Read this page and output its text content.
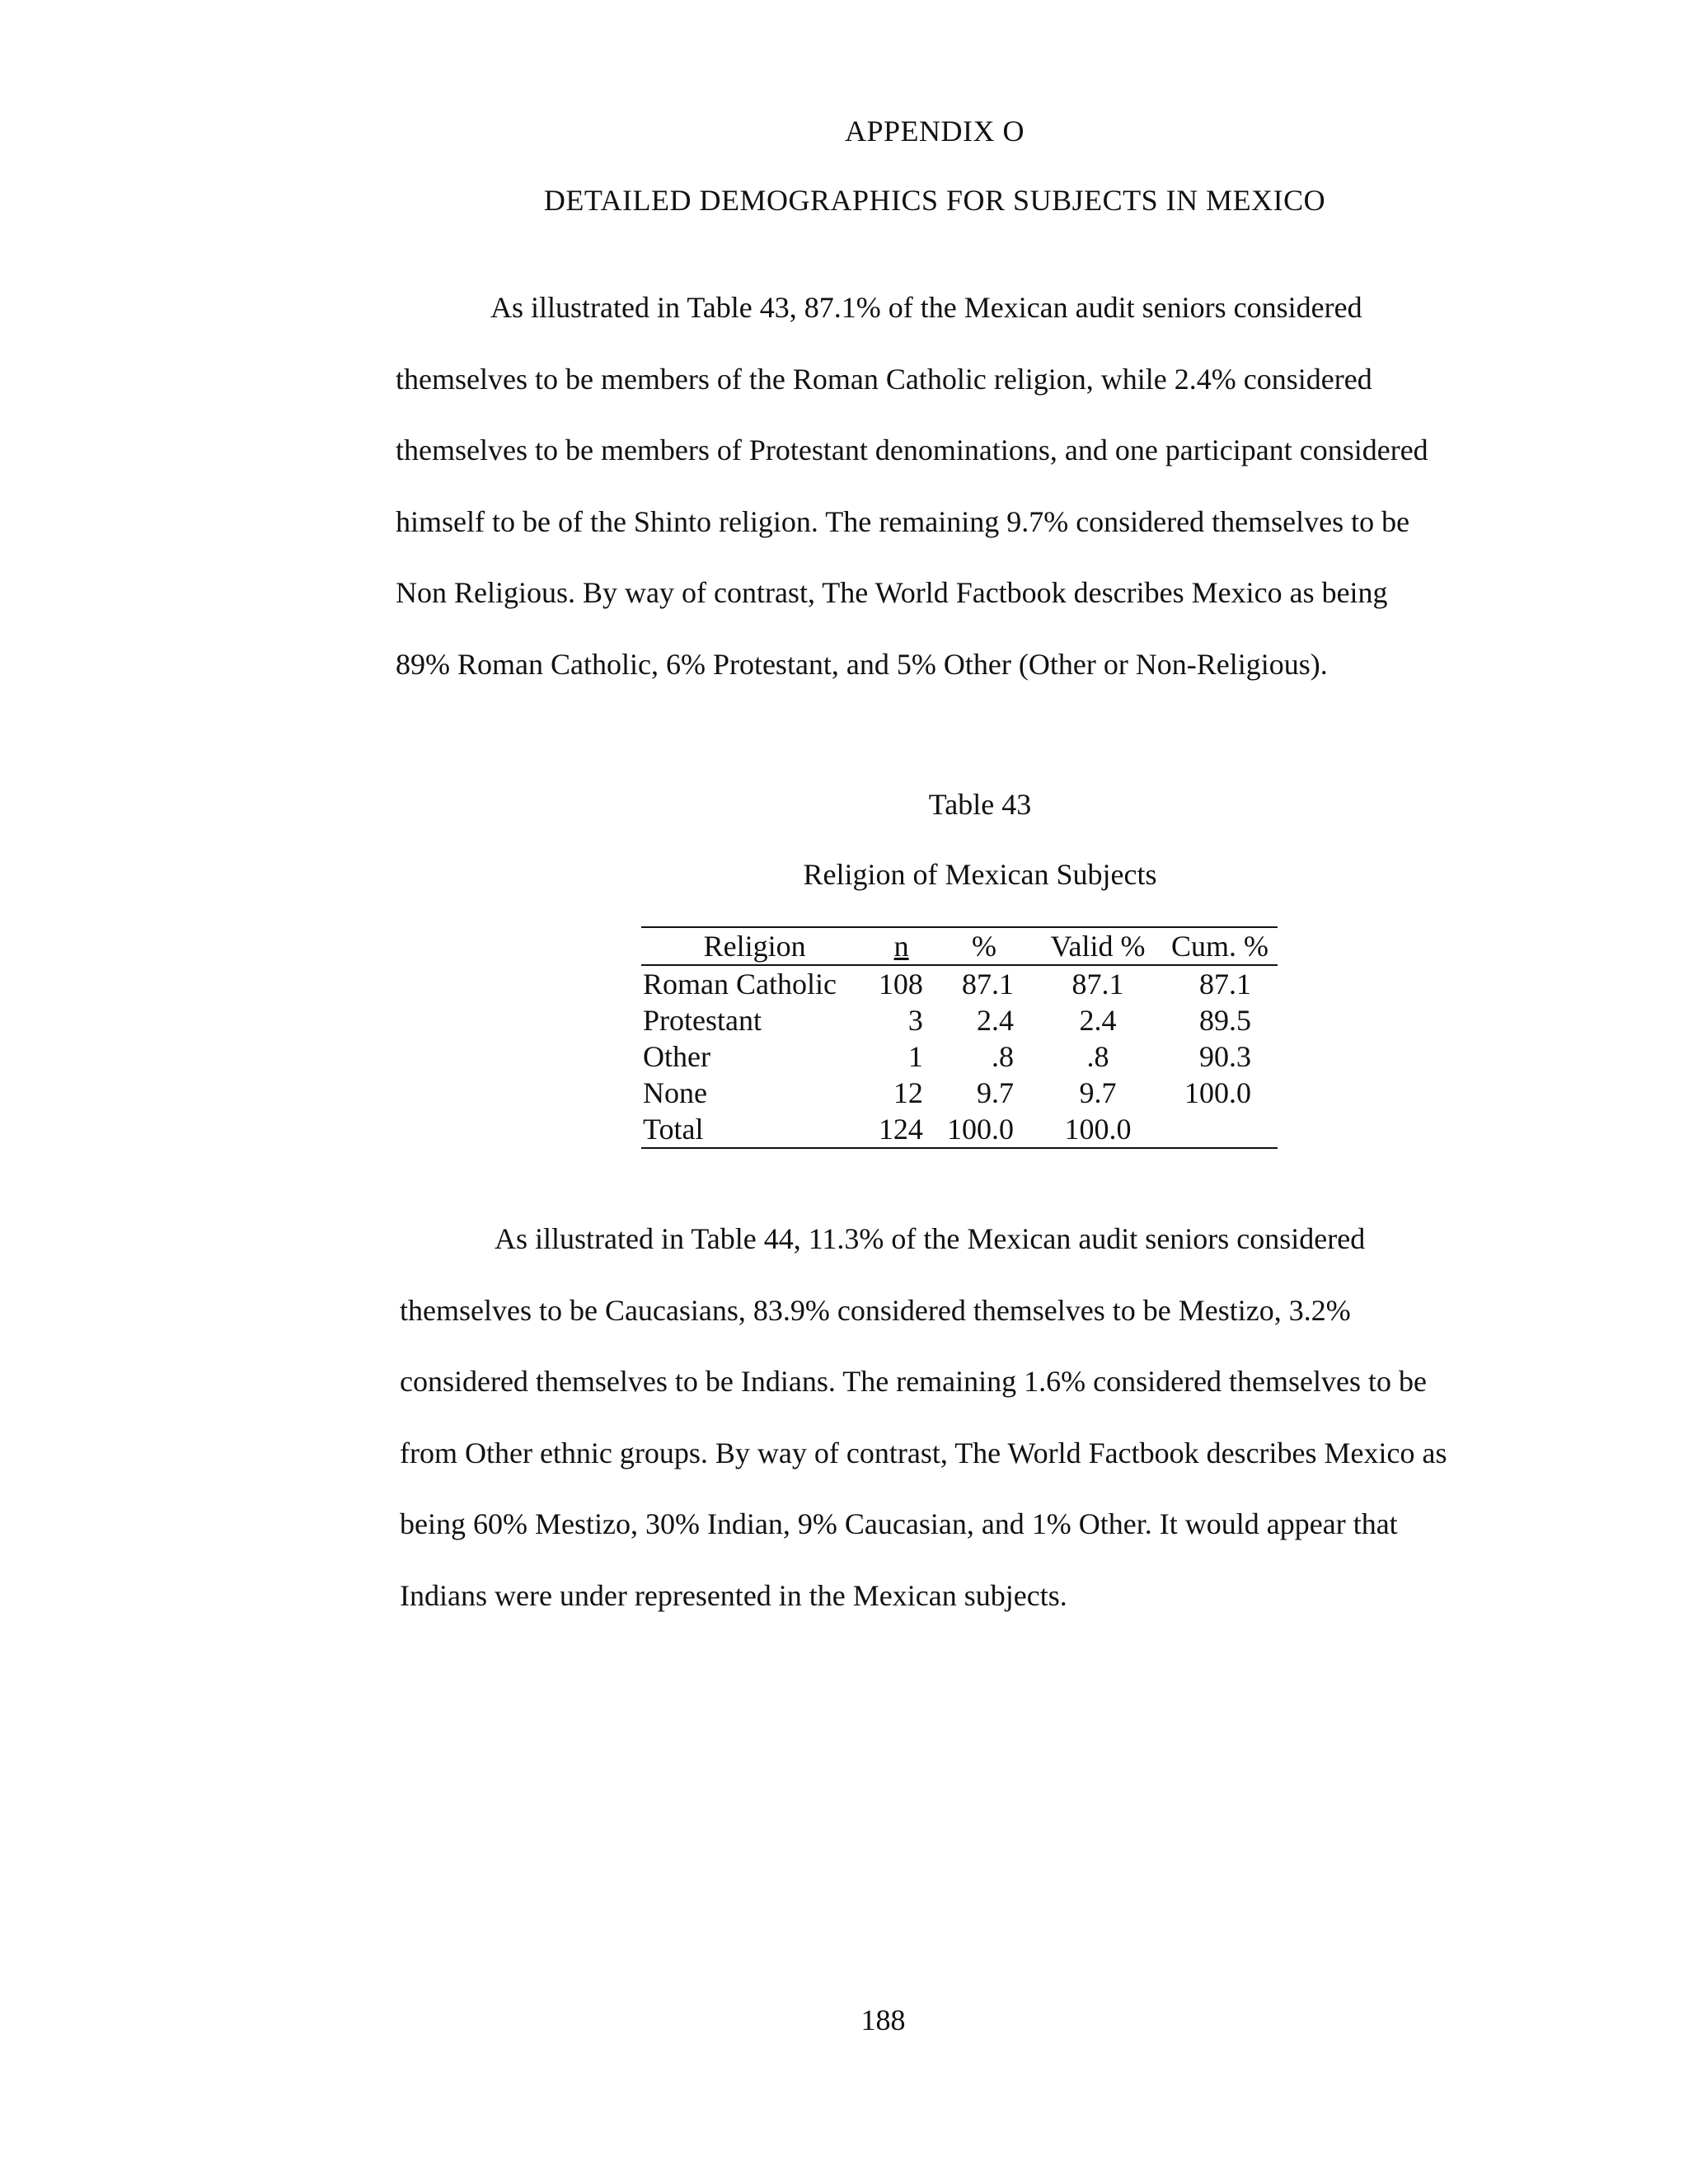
APPENDIX O
DETAILED DEMOGRAPHICS FOR SUBJECTS IN MEXICO

As illustrated in Table 43, 87.1% of the Mexican audit seniors considered
themselves to be members of the Roman Catholic religion, while 2.4% considered
themselves to be members of Protestant denominations, and one participant considered
himself to be of the Shinto religion. The remaining 9.7% considered themselves to be
Non Religious. By way of contrast, The World Factbook describes Mexico as being
89% Roman Catholic, 6% Protestant, and 5% Other (Other or Non-Religious).

Table 43
Religion of Mexican Subjects
Religion	n	%	Valid %	Cum. %
Roman Catholic	108	87.1	87.1	87.1
Protestant	3	2.4	2.4	89.5
Other	1	.8	.8	90.3
None	12	9.7	9.7	100.0
Total	124	100.0	100.0	

As illustrated in Table 44, 11.3% of the Mexican audit seniors considered
themselves to be Caucasians, 83.9% considered themselves to be Mestizo, 3.2%
considered themselves to be Indians. The remaining 1.6% considered themselves to be
from Other ethnic groups. By way of contrast, The World Factbook describes Mexico as
being 60% Mestizo, 30% Indian, 9% Caucasian, and 1% Other. It would appear that
Indians were under represented in the Mexican subjects.

188
